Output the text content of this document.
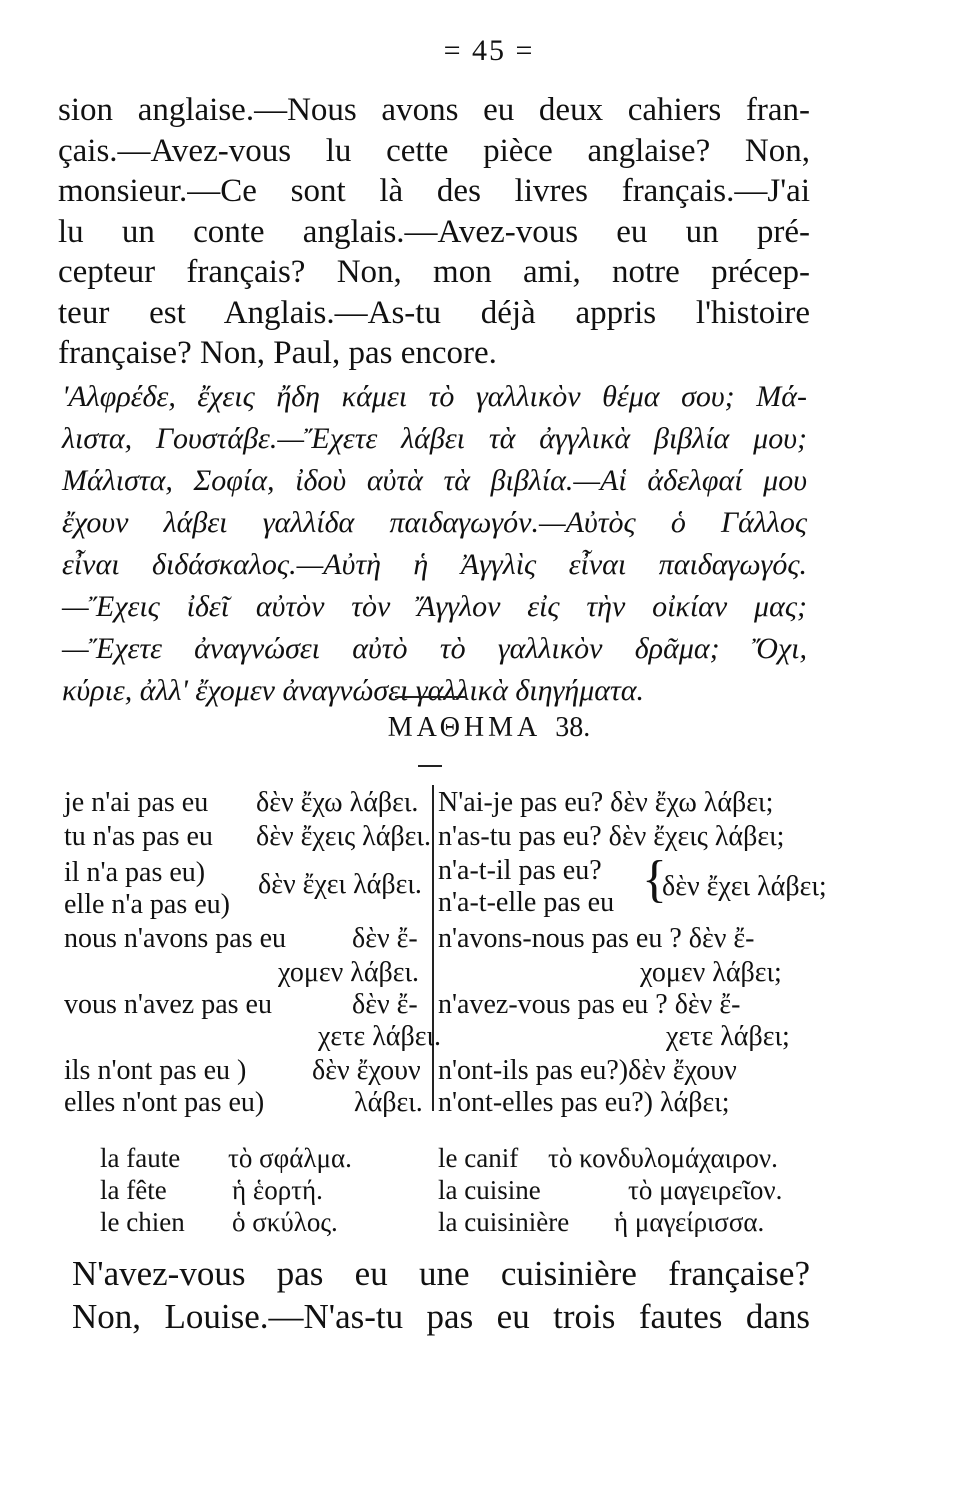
= 45 =
sion anglaise.—Nous avons eu deux cahiers fran-
çais.—Avez-vous lu cette pièce anglaise? Non,
monsieur.—Ce sont là des livres français.—J'ai
lu un conte anglais.—Avez-vous eu un pré-
cepteur français? Non, mon ami, notre précep-
teur est Anglais.—As-tu déjà appris l'histoire
française? Non, Paul, pas encore.
'Αλφρέδε, ἔχεις ἤδη κάμει τὸ γαλλικὸν θέμα σου; Μά-
λιστα, Γουστάβε.—Ἔχετε λάβει τὰ ἀγγλικὰ βιβλία μου;
Μάλιστα, Σοφία, ἰδοὺ αὐτὰ τὰ βιβλία.—Αἱ ἀδελφαί μου
ἔχουν λάβει γαλλίδα παιδαγωγόν.—Αὐτὸς ὁ Γάλλος
εἶναι διδάσκαλος.—Αὐτὴ ἡ Ἀγγλὶς εἶναι παιδαγωγός.
—Ἔχεις ἰδεῖ αὐτὸν τὸν Ἄγγλον εἰς τὴν οἰκίαν μας;
—Ἔχετε ἀναγνώσει αὐτὸ τὸ γαλλικὸν δρᾶμα; Ὄχι,
κύριε, ἀλλ' ἔχομεν ἀναγνώσει γαλλικὰ διηγήματα.
ΜΑΘΗΜΑ 38.
je n'ai pas eu δὲν ἔχω λάβει.
tu n'as pas eu δὲν ἔχεις λάβει.
il n'a pas eu)
elle n'a pas eu)
δὲν ἔχει λάβει.
nous n'avons pas eu δὲν ἔ-
χομεν λάβει.
vous n'avez pas eu	δὲν ἔ-
χετε λάβει.
ils n'ont pas eu )
elles n'ont pas eu)
δὲν ἔχουν
λάβει.
N'ai-je pas eu? δὲν ἔχω λάβει;
n'as-tu pas eu? δὲν ἔχεις λάβει;
n'a-t-il pas eu?
n'a-t-elle pas eu {
δὲν ἔχει λάβει;
n'avons-nous pas eu ? δὲν ἔ-
χομεν λάβει;
n'avez-vous pas eu ? δὲν ἔ-
χετε λάβει;
n'ont-ils pas eu?)δὲν ἔχουν
n'ont-elles pas eu?) λάβει;
la faute τὸ σφάλμα.
la fête ἡ ἑορτή.
le chien ὁ σκύλος.
le canif τὸ κονδυλομάχαιρον.
la cuisine	τὸ μαγειρεῖον.
la cuisinière ἡ μαγείρισσα.
N'avez-vous pas eu une cuisinière française?
Non, Louise.—N'as-tu pas eu trois fautes dans
